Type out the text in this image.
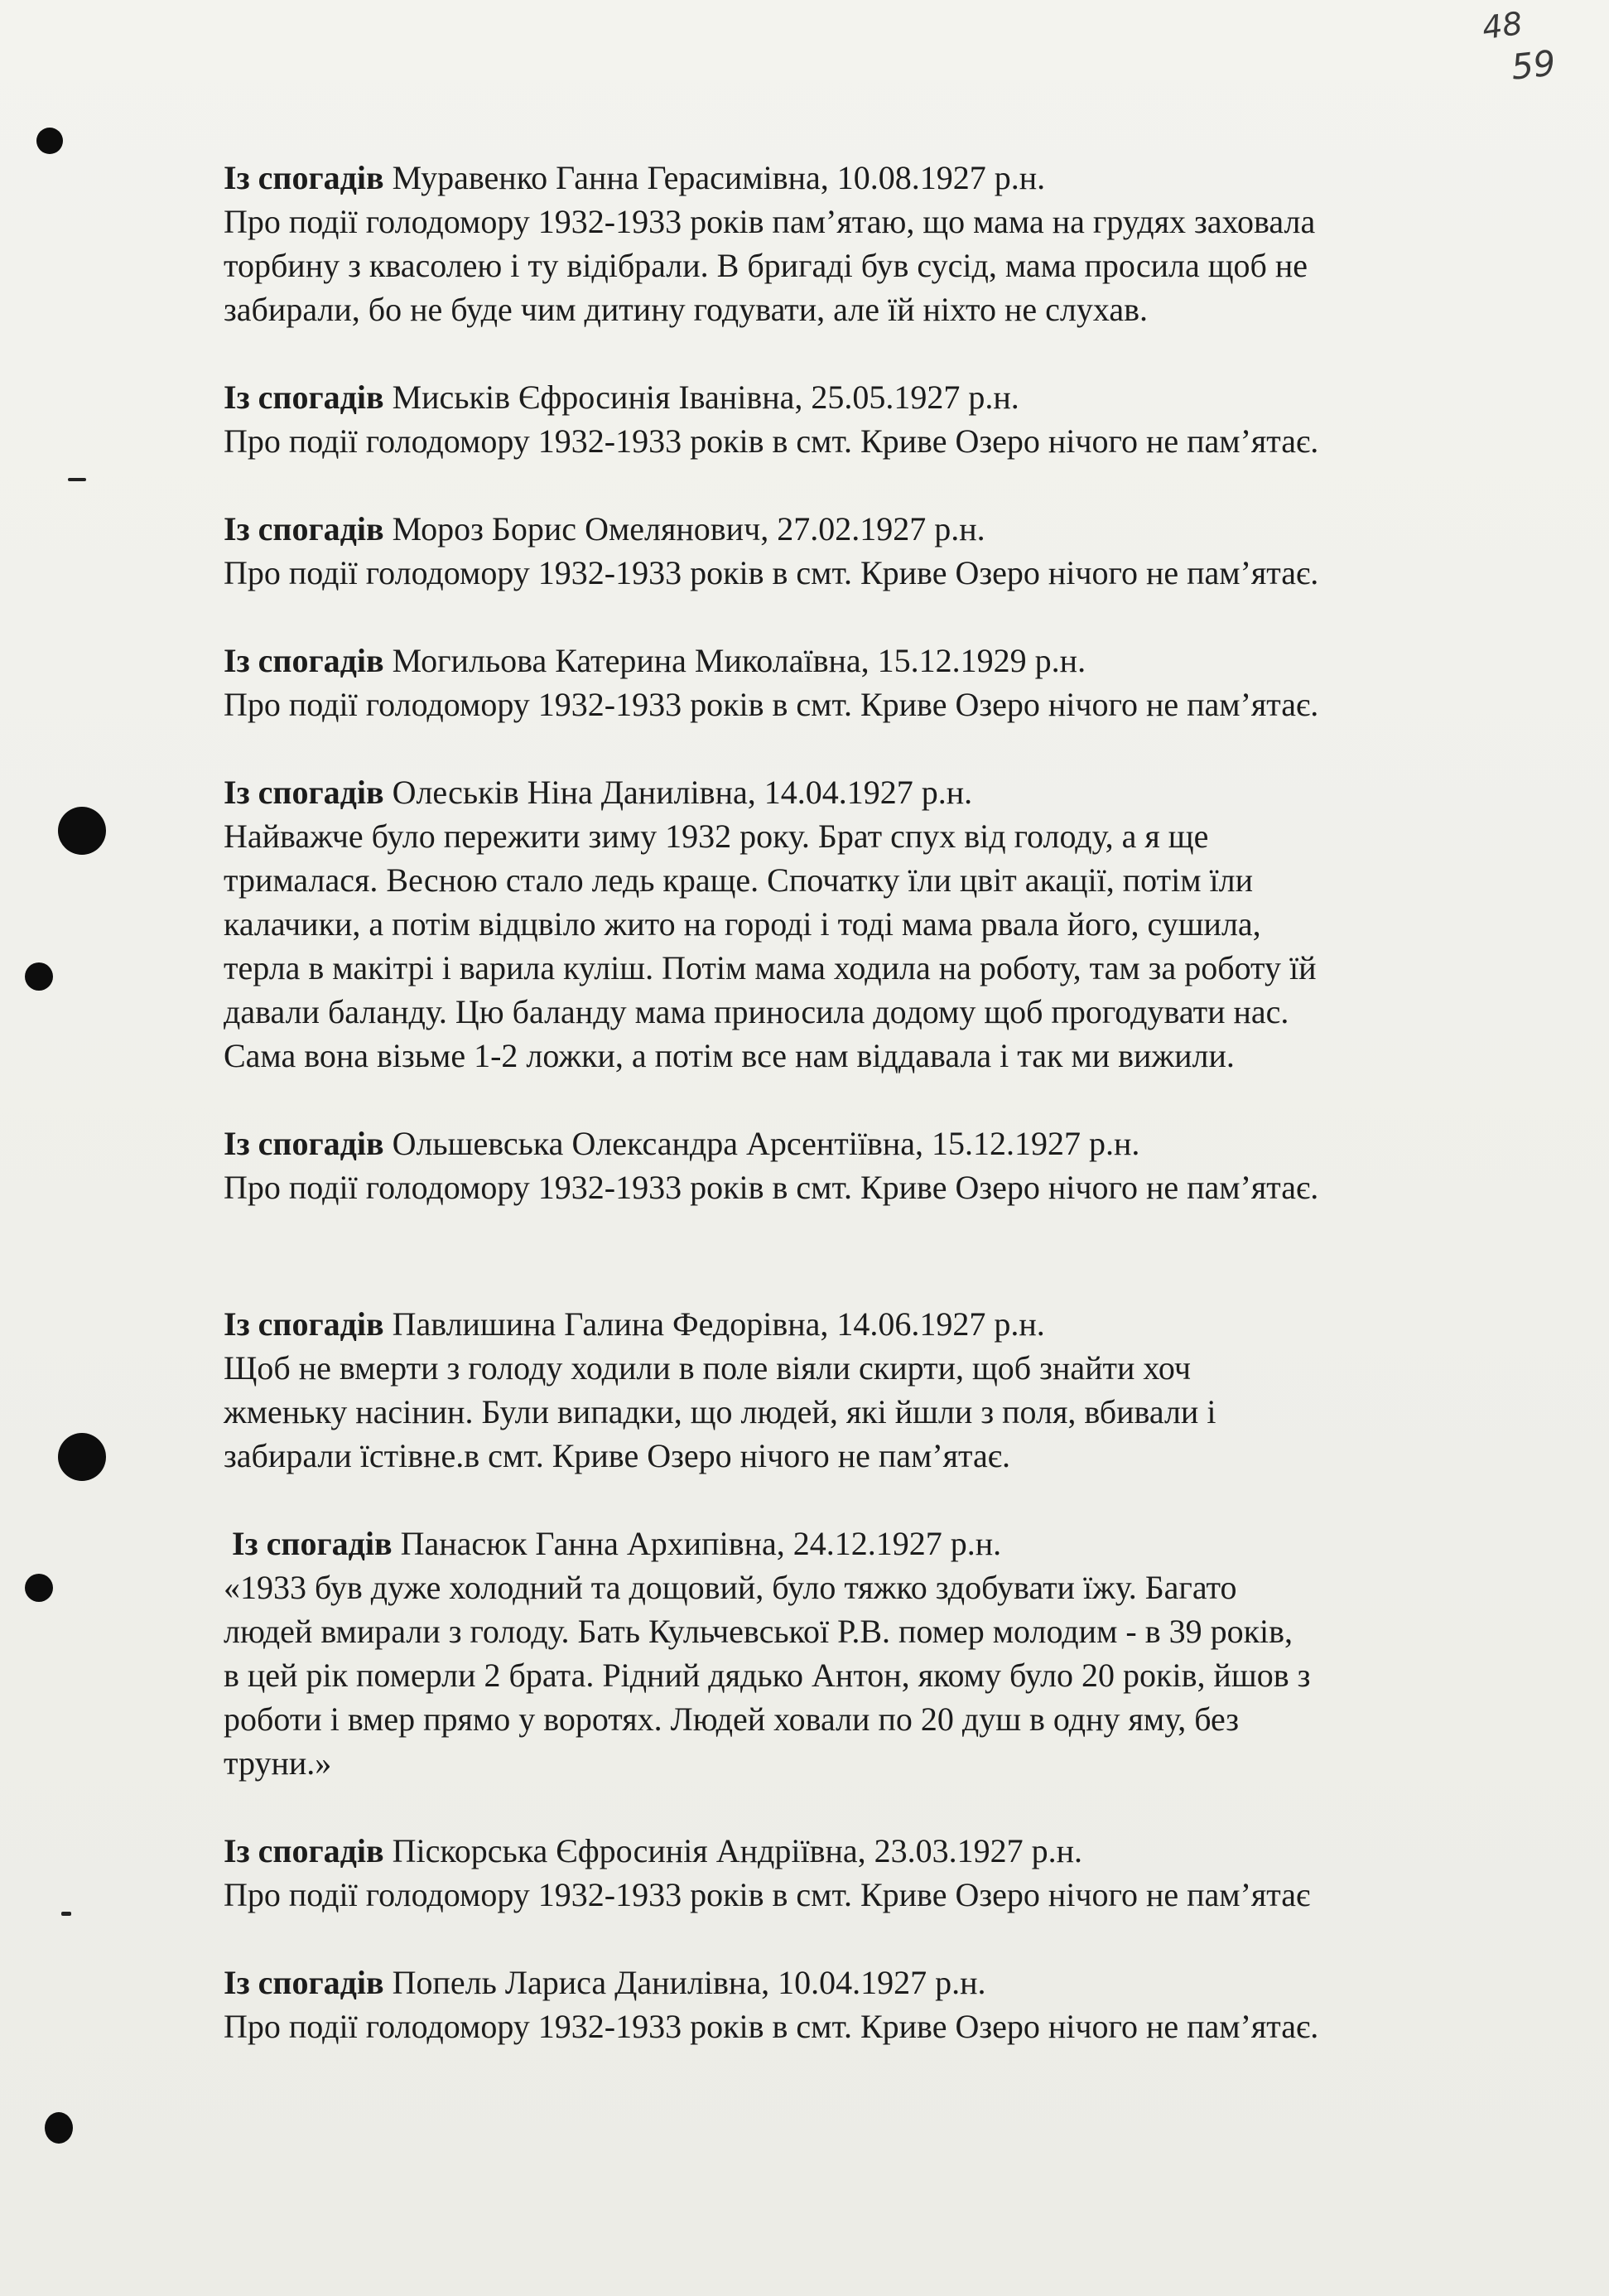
48
59

Із спогадів Муравенко Ганна Герасимівна, 10.08.1927 р.н.

Про події голодомору 1932-1933 років пам’ятаю, що мама на грудях заховала

торбину з квасолею і ту відібрали. В бригаді був сусід, мама просила щоб не

забирали, бо не буде чим дитину годувати, але їй ніхто не слухав.

Із спогадів Миськів Єфросинія Іванівна, 25.05.1927 р.н.

Про події голодомору 1932-1933 років в смт. Криве Озеро нічого не пам’ятає.

Із спогадів Мороз Борис Омелянович, 27.02.1927 р.н.

Про події голодомору 1932-1933 років в смт. Криве Озеро нічого не пам’ятає.

Із спогадів Могильова Катерина Миколаївна, 15.12.1929 р.н.

Про події голодомору 1932-1933 років в смт. Криве Озеро нічого не пам’ятає.

Із спогадів Олеськів Ніна Данилівна, 14.04.1927 р.н.

Найважче було пережити зиму 1932 року. Брат спух від голоду, а я ще

трималася. Весною стало ледь краще. Спочатку їли цвіт акації, потім їли

калачики, а потім відцвіло жито на городі і тоді мама рвала його, сушила,

терла в макітрі і варила куліш. Потім мама ходила на роботу, там за роботу їй

давали баланду. Цю баланду мама приносила додому щоб прогодувати нас.

Сама вона візьме 1-2 ложки, а потім все нам віддавала і так ми вижили.

Із спогадів Ольшевська Олександра Арсентіївна, 15.12.1927 р.н.

Про події голодомору 1932-1933 років в смт. Криве Озеро нічого не пам’ятає.

Із спогадів Павлишина Галина Федорівна, 14.06.1927 р.н.

Щоб не вмерти з голоду ходили в поле віяли скирти, щоб знайти хоч

жменьку насінин. Були випадки, що людей, які йшли з поля, вбивали і

забирали їстівне.в смт. Криве Озеро нічого не пам’ятає.

Із спогадів Панасюк Ганна Архипівна, 24.12.1927 р.н.

«1933 був дуже холодний та дощовий, було тяжко здобувати їжу. Багато

людей вмирали з голоду. Бать Кульчевської Р.В. помер молодим - в 39 років,

в цей рік померли 2 брата. Рідний дядько Антон, якому було 20 років, йшов з

роботи і вмер прямо у воротях. Людей ховали по 20 душ в одну яму, без

труни.»

Із спогадів Піскорська Єфросинія Андріївна, 23.03.1927 р.н.

Про події голодомору 1932-1933 років в смт. Криве Озеро нічого не пам’ятає

Із спогадів Попель Лариса Данилівна, 10.04.1927 р.н.

Про події голодомору 1932-1933 років в смт. Криве Озеро нічого не пам’ятає.
